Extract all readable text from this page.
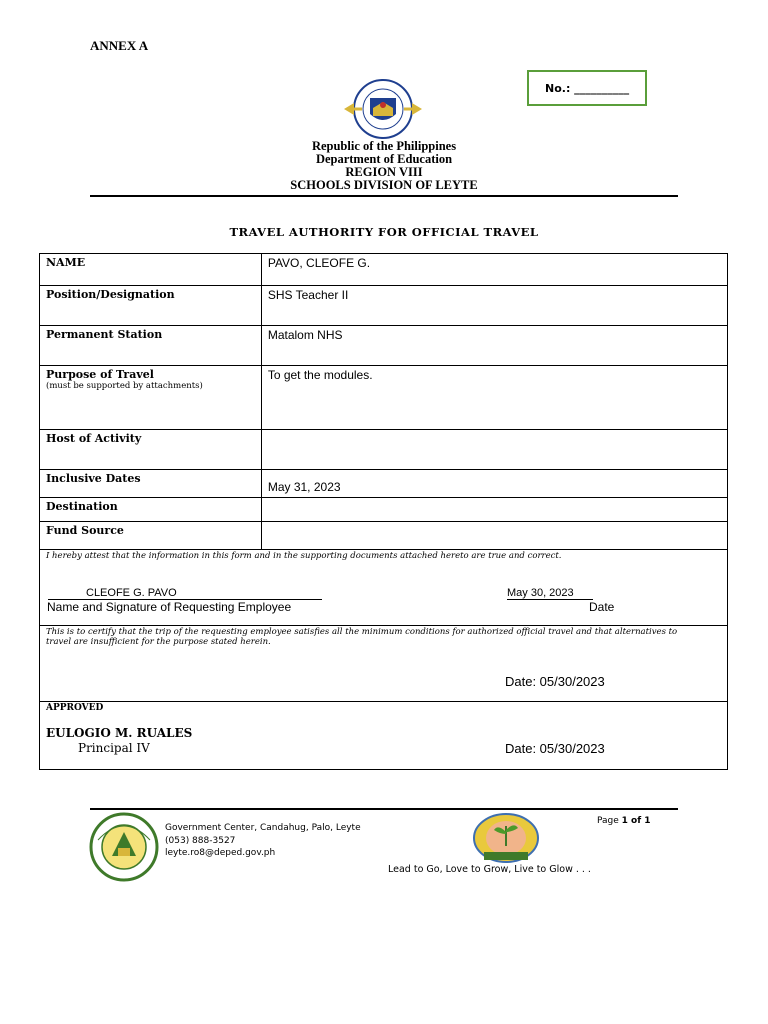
ANNEX A
No.: __________
Republic of the Philippines
Department of Education
REGION VIII
SCHOOLS DIVISION OF LEYTE
TRAVEL AUTHORITY FOR OFFICIAL TRAVEL
NAME	PAVO, CLEOFE G.
Position/Designation	SHS Teacher II
Permanent Station	Matalom NHS
Purpose of Travel
(must be supported by attachments)	To get the modules.
Host of Activity	
Inclusive Dates	May 31, 2023
Destination	
Fund Source	

I hereby attest that the information in this form and in the supporting documents attached hereto are true and correct.
CLEOFE G. PAVO May 30, 2023
Name and Signature of Requesting Employee Date	

This is to certify that the trip of the requesting employee satisfies all the minimum conditions for authorized official travel and that alternatives to travel are insufficient for the purpose stated herein.
Date: 05/30/2023	

APPROVED
EULOGIO M. RUALES
Principal IV Date: 05/30/2023	
Government Center, Candahug, Palo, Leyte
(053) 888-3527
leyte.ro8@deped.gov.ph
Page 1 of 1
Lead to Go, Love to Grow, Live to Glow . . .
